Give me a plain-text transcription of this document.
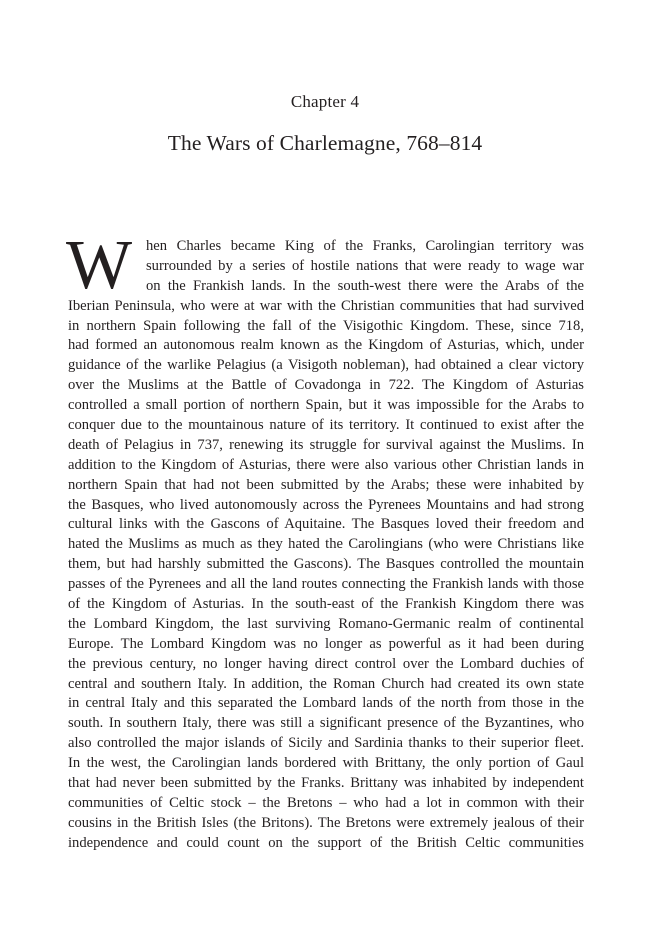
Chapter 4
The Wars of Charlemagne, 768–814
W hen Charles became King of the Franks, Carolingian territory was
surrounded by a series of hostile nations that were ready to wage war
on the Frankish lands. In the south-west there were the Arabs of the
Iberian Peninsula, who were at war with the Christian communities that had survived
in northern Spain following the fall of the Visigothic Kingdom. These, since 718,
had formed an autonomous realm known as the Kingdom of Asturias, which, under
guidance of the warlike Pelagius (a Visigoth nobleman), had obtained a clear victory
over the Muslims at the Battle of Covadonga in 722. The Kingdom of Asturias
controlled a small portion of northern Spain, but it was impossible for the Arabs to
conquer due to the mountainous nature of its territory. It continued to exist after the
death of Pelagius in 737, renewing its struggle for survival against the Muslims. In
addition to the Kingdom of Asturias, there were also various other Christian lands in
northern Spain that had not been submitted by the Arabs; these were inhabited by
the Basques, who lived autonomously across the Pyrenees Mountains and had strong
cultural links with the Gascons of Aquitaine. The Basques loved their freedom and
hated the Muslims as much as they hated the Carolingians (who were Christians like
them, but had harshly submitted the Gascons). The Basques controlled the mountain
passes of the Pyrenees and all the land routes connecting the Frankish lands with those
of the Kingdom of Asturias. In the south-east of the Frankish Kingdom there was
the Lombard Kingdom, the last surviving Romano-Germanic realm of continental
Europe. The Lombard Kingdom was no longer as powerful as it had been during
the previous century, no longer having direct control over the Lombard duchies of
central and southern Italy. In addition, the Roman Church had created its own state
in central Italy and this separated the Lombard lands of the north from those in the
south. In southern Italy, there was still a significant presence of the Byzantines, who
also controlled the major islands of Sicily and Sardinia thanks to their superior fleet.
In the west, the Carolingian lands bordered with Brittany, the only portion of Gaul
that had never been submitted by the Franks. Brittany was inhabited by independent
communities of Celtic stock – the Bretons – who had a lot in common with their
cousins in the British Isles (the Britons). The Bretons were extremely jealous of their
independence and could count on the support of the British Celtic communities
